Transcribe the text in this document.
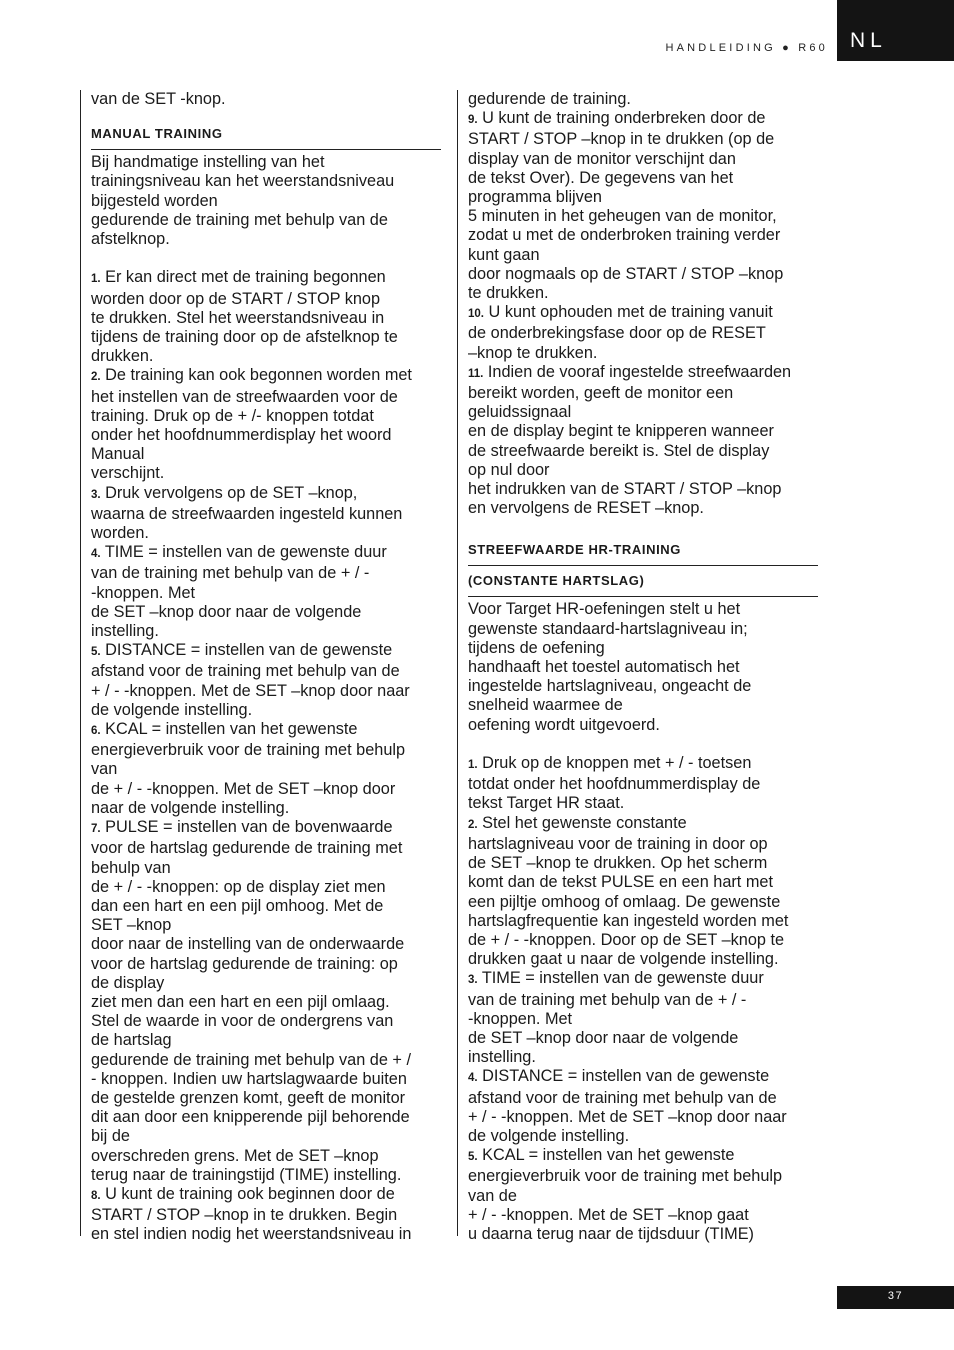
HANDLEIDING ● R60 NL

van de SET -knop.

MANUAL TRAINING

Bij handmatige instelling van het

trainingsniveau kan het weerstandsniveau

bijgesteld worden

gedurende de training met behulp van de

afstelknop.

1. Er kan direct met de training begonnen

worden door op de START / STOP knop

te drukken. Stel het weerstandsniveau in

tijdens de training door op de afstelknop te

drukken.

2. De training kan ook begonnen worden met

het instellen van de streefwaarden voor de

training. Druk op de + /- knoppen totdat

onder het hoofdnummerdisplay het woord

Manual

verschijnt.

3. Druk vervolgens op de SET –knop,

waarna de streefwaarden ingesteld kunnen

worden.

4. TIME = instellen van de gewenste duur

van de training met behulp van de + / -

-knoppen. Met

de SET –knop door naar de volgende

instelling.

5. DISTANCE = instellen van de gewenste

afstand voor de training met behulp van de

+ / - -knoppen. Met de SET –knop door naar

de volgende instelling.

6. KCAL = instellen van het gewenste

energieverbruik voor de training met behulp

van

de + / - -knoppen. Met de SET –knop door

naar de volgende instelling.

7. PULSE = instellen van de bovenwaarde

voor de hartslag gedurende de training met

behulp van

de + / - -knoppen: op de display ziet men

dan een hart en een pijl omhoog. Met de

SET –knop

door naar de instelling van de onderwaarde

voor de hartslag gedurende de training: op

de display

ziet men dan een hart en een pijl omlaag.

Stel de waarde in voor de ondergrens van

de hartslag

gedurende de training met behulp van de + /

- knoppen. Indien uw hartslagwaarde buiten

de gestelde grenzen komt, geeft de monitor

dit aan door een knipperende pijl behorende

bij de

overschreden grens. Met de SET –knop

terug naar de trainingstijd (TIME) instelling.

8. U kunt de training ook beginnen door de

START / STOP –knop in te drukken. Begin

en stel indien nodig het weerstandsniveau in

gedurende de training.

9. U kunt de training onderbreken door de

START / STOP –knop in te drukken (op de

display van de monitor verschijnt dan

de tekst Over). De gegevens van het

programma blijven

5 minuten in het geheugen van de monitor,

zodat u met de onderbroken training verder

kunt gaan

door nogmaals op de START / STOP –knop

te drukken.

10. U kunt ophouden met de training vanuit

de onderbrekingsfase door op de RESET

–knop te drukken.

11. Indien de vooraf ingestelde streefwaarden

bereikt worden, geeft de monitor een

geluidssignaal

en de display begint te knipperen wanneer

de streefwaarde bereikt is. Stel de display

op nul door

het indrukken van de START / STOP –knop

en vervolgens de RESET –knop.

STREEFWAARDE HR-TRAINING

(CONSTANTE HARTSLAG)

Voor Target HR-oefeningen stelt u het

gewenste standaard-hartslagniveau in;

tijdens de oefening

handhaaft het toestel automatisch het

ingestelde hartslagniveau, ongeacht de

snelheid waarmee de

oefening wordt uitgevoerd.

1. Druk op de knoppen met + / - toetsen

totdat onder het hoofdnummerdisplay de

tekst Target HR staat.

2. Stel het gewenste constante

hartslagniveau voor de training in door op

de SET –knop te drukken. Op het scherm

komt dan de tekst PULSE en een hart met

een pijltje omhoog of omlaag. De gewenste

hartslagfrequentie kan ingesteld worden met

de + / - -knoppen. Door op de SET –knop te

drukken gaat u naar de volgende instelling.

3. TIME = instellen van de gewenste duur

van de training met behulp van de + / -

-knoppen. Met

de SET –knop door naar de volgende

instelling.

4. DISTANCE = instellen van de gewenste

afstand voor de training met behulp van de

+ / - -knoppen. Met de SET –knop door naar

de volgende instelling.

5. KCAL = instellen van het gewenste

energieverbruik voor de training met behulp

van de

+ / - -knoppen. Met de SET –knop gaat

u daarna terug naar de tijdsduur (TIME)

37
